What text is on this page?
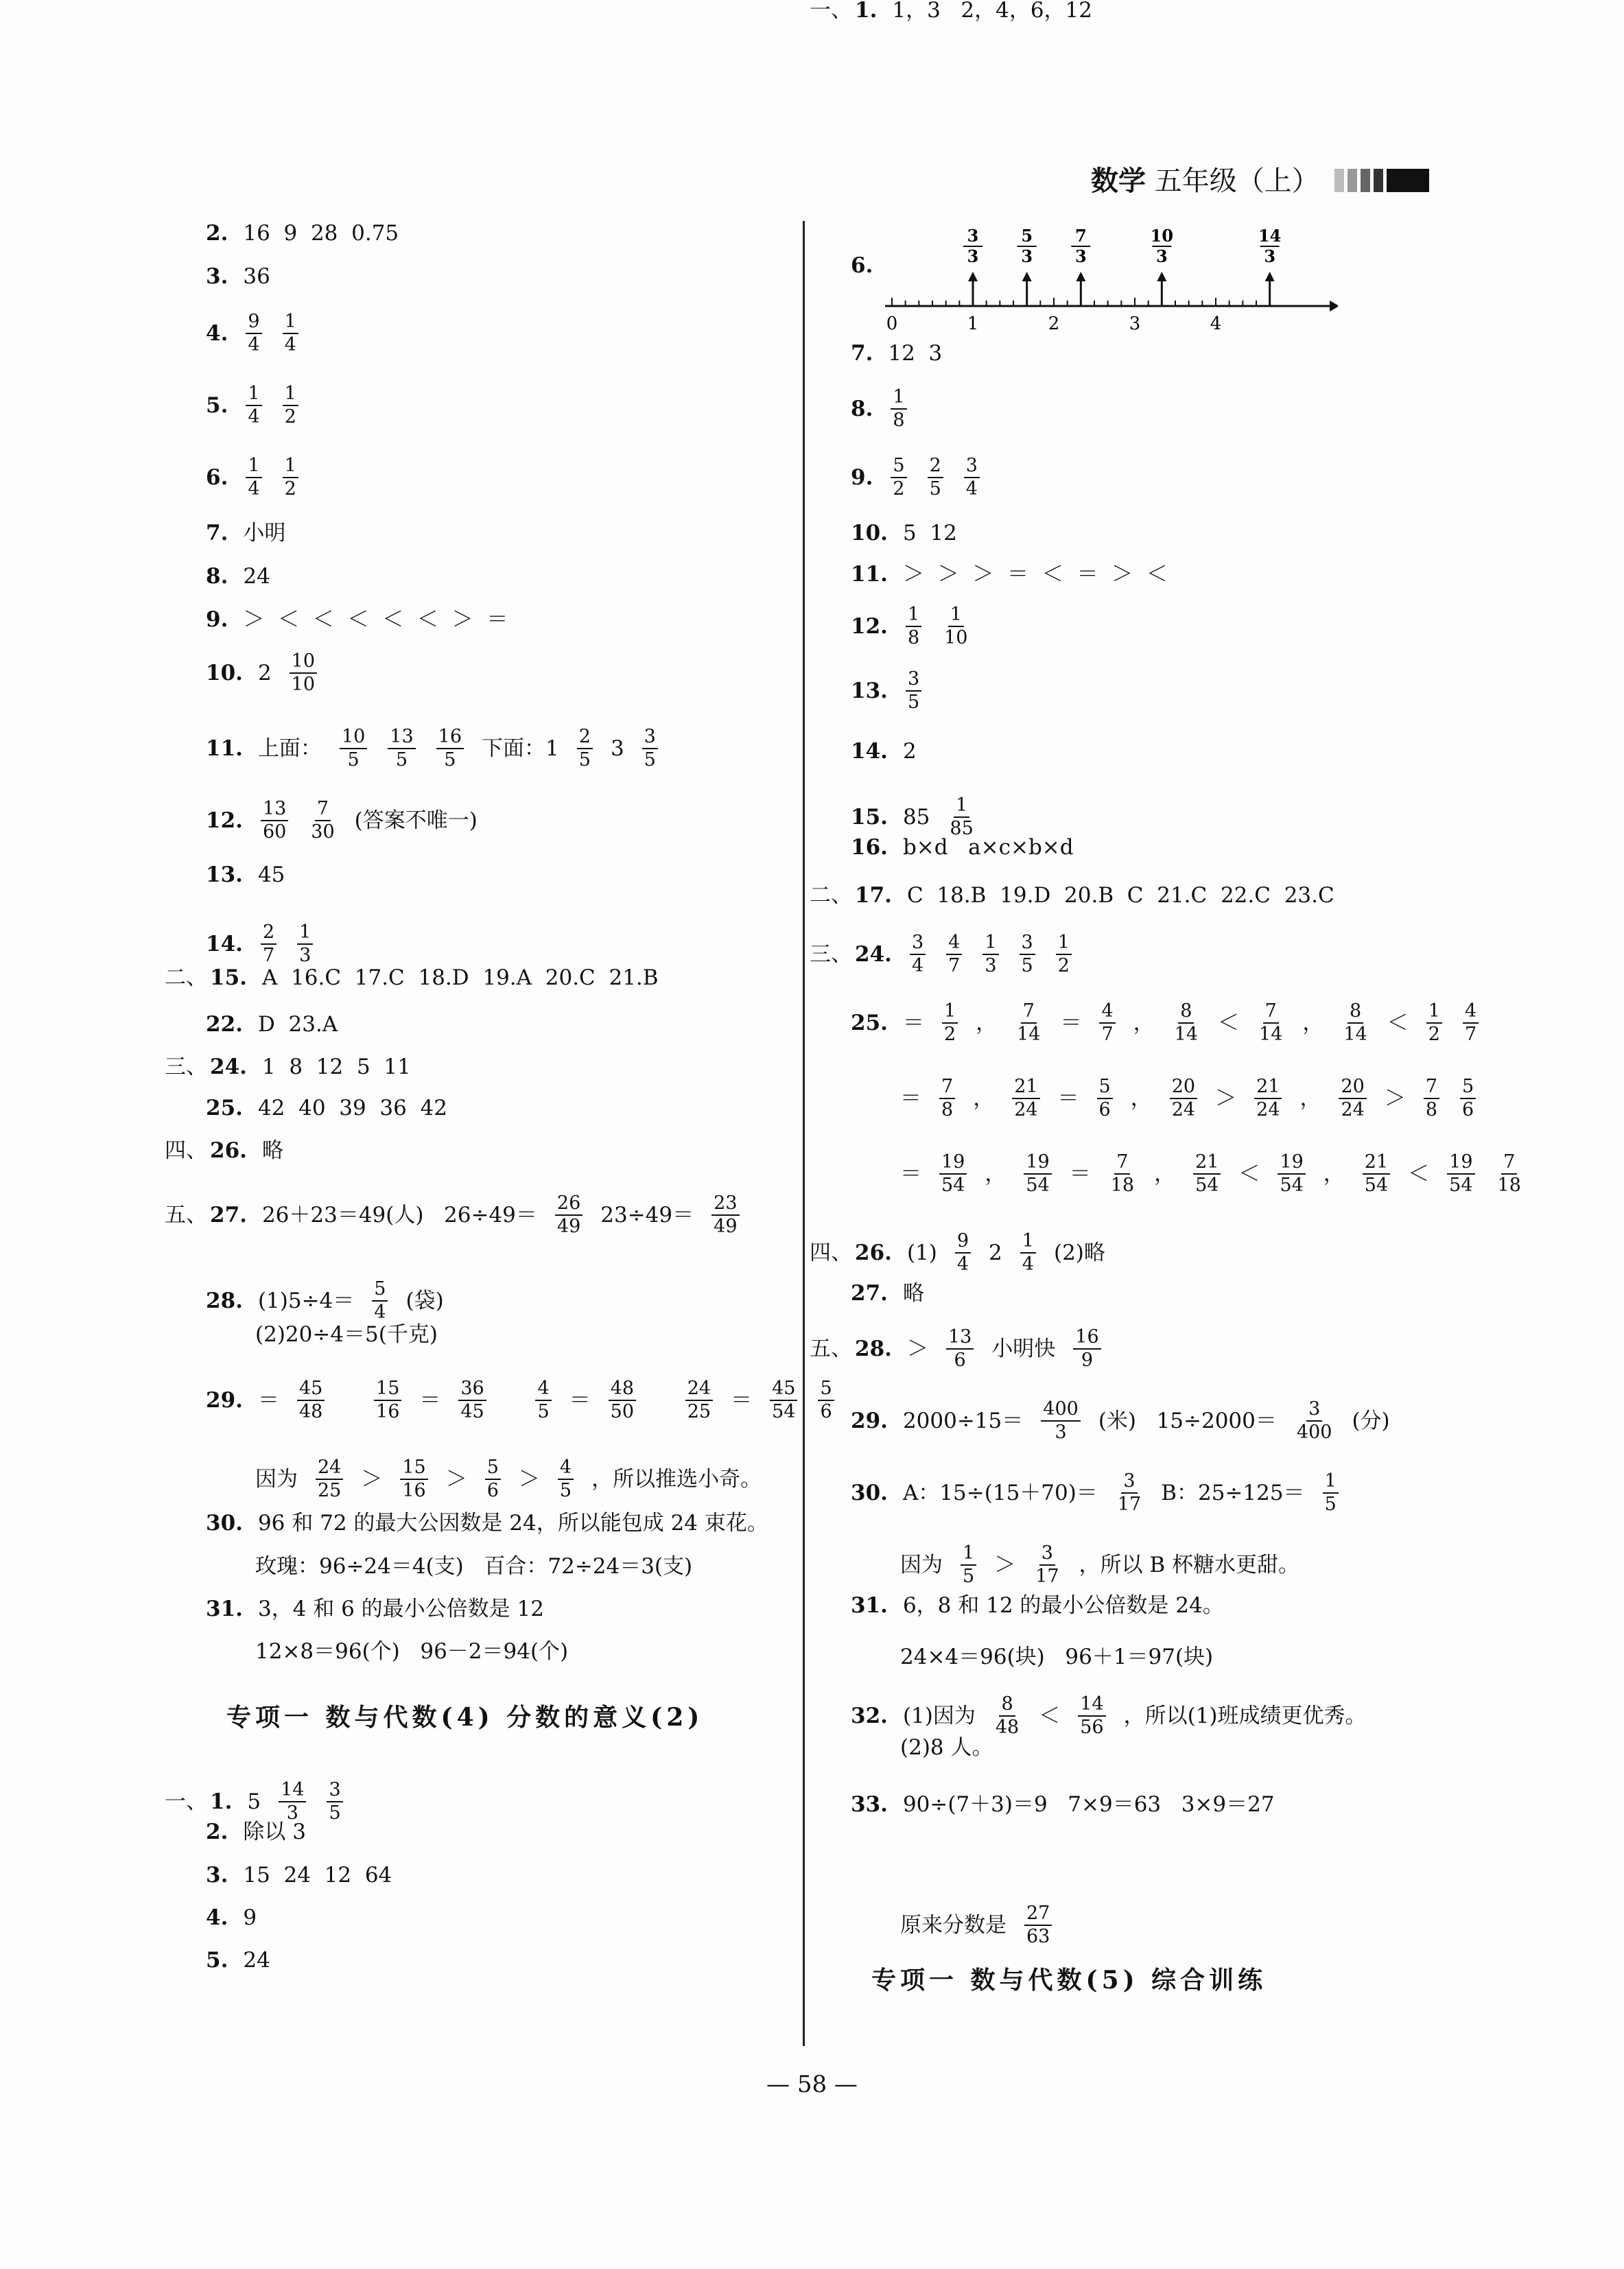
数学 五年级（上）
2. 16  9  28  0.75
3. 36
4. $\frac{9}{4} \frac{1}{4}$
5. $\frac{1}{4} \frac{1}{2}$
6. $\frac{1}{4} \frac{1}{2}$
7. 小明
8. 24
9. ＞  ＜  ＜  ＜  ＜  ＜  ＞  ＝
10. $2 \frac{10}{10}$
11. 上面： $\frac{10}{5} \frac{13}{5} \frac{16}{5}$ 下面：$1 \frac{2}{5} 3 \frac{3}{5}$
12. $\frac{13}{60} \frac{7}{30}$ (答案不唯一)
13. 45
14. $\frac{2}{7} \frac{1}{3}$
二、 15. A  16.C  17.C  18.D  19.A  20.C  21.B
22. D  23.A
三、 24. 1  8  12  5  11
25. 42  40  39  36  42
四、 26. 略
五、 27. 26＋23＝49(人)   $26\div 49= \frac{26}{49} 23\div 49= \frac{23}{49}$
28. $(1)5\div 4= \frac{5}{4}$ (袋)
(2)20÷4＝5(千克)
29. ＝ $\frac{45}{48}$
	$\frac{15}{16} = \frac{36}{45}$
	$\frac{4}{5} = \frac{48}{50}$
	$\frac{24}{25} = \frac{45}{54} \frac{5}{6}$
因为 $\frac{24}{25} > \frac{15}{16} > \frac{5}{6} > \frac{4}{5}$ ，所以推选小奇。
30. 96 和 72 的最大公因数是 24，所以能包成 24 束花。
玫瑰：96÷24＝4(支)   百合：72÷24＝3(支)
31. 3，4 和 6 的最小公倍数是 12
12×8＝96(个)   96－2＝94(个)
专项一 数与代数(4) 分数的意义(2)
一、 1. $5 \frac{14}{3} \frac{3}{5}$
2. 除以 3
3. 15  24  12  64
4. 9
5. 24
6.
7. 12  3
8. $\frac{1}{8}$
9. $\frac{5}{2} \frac{2}{5} \frac{3}{4}$
10. 5  12
11. ＞  ＞  ＞  ＝  ＜  ＝  ＞  ＜
12. $\frac{1}{8} \frac{1}{10}$
13. $\frac{3}{5}$
14. 2
15. $85 \frac{1}{85}$
16. b×d   a×c×b×d
二、 17. C  18.B  19.D  20.B  C  21.C  22.C  23.C
三、 24. $\frac{3}{4} \frac{4}{7} \frac{1}{3} \frac{3}{5} \frac{1}{2}$
25. ＝ $\frac{1}{2}$ ， $\frac{7}{14} = \frac{4}{7}$ ， $\frac{8}{14} < \frac{7}{14}$ ， $\frac{8}{14} < \frac{1}{2} \frac{4}{7}$
＝ $\frac{7}{8}$ ， $\frac{21}{24} = \frac{5}{6}$ ， $\frac{20}{24} > \frac{21}{24}$ ， $\frac{20}{24} > \frac{7}{8} \frac{5}{6}$
＝ $\frac{19}{54}$ ， $\frac{19}{54} = \frac{7}{18}$ ， $\frac{21}{54} < \frac{19}{54}$ ， $\frac{21}{54} < \frac{19}{54} \frac{7}{18}$
四、 26. $(1) \frac{9}{4} 2 \frac{1}{4} (2)$略
27. 略
五、 28. ＞ $\frac{13}{6}$ 小明快 $\frac{16}{9}$
29. $2000\div 15= \frac{400}{3}$ (米)   $15\div 2000= \frac{3}{400}$ (分)
30. A：$15\div(15+70)= \frac{3}{17}$ B：$25\div 125= \frac{1}{5}$
因为 $\frac{1}{5} > \frac{3}{17}$ ，所以 B 杯糖水更甜。
31. 6，8 和 12 的最小公倍数是 24。
24×4＝96(块)   96＋1＝97(块)
32. (1)因为 $\frac{8}{48} < \frac{14}{56}$ ，所以(1)班成绩更优秀。
(2)8 人。
33. 90÷(7＋3)＝9   7×9＝63   3×9＝27
原来分数是 $\frac{27}{63}$
专项一 数与代数(5) 综合训练
一、 1. 1，3   2，4，6，12
0	1	2	3	4
3
3
5
3
7
3
10
3
14
3
— 58 —
